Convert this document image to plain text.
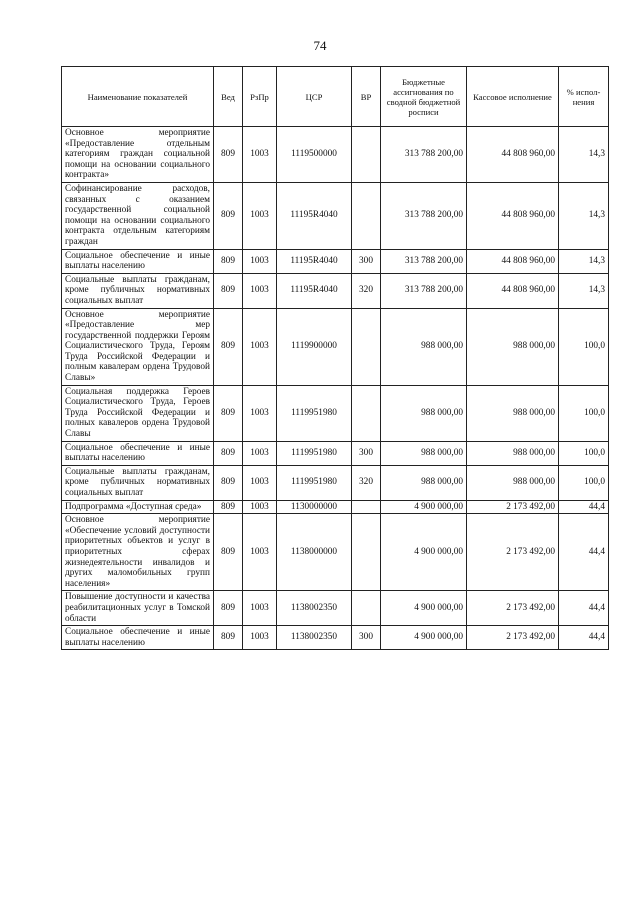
74
Наименование показателей	Вед	РзПр	ЦСР	ВР	Бюджетные ассигнования по сводной бюджетной росписи	Кассовое исполнение	% испол-нения
Основное мероприятие «Предоставление отдельным категориям граждан социальной помощи на основании социального контракта»	809	1003	1119500000		313 788 200,00	44 808 960,00	14,3
Софинансирование расходов, связанных с оказанием государственной социальной помощи на основании социального контракта отдельным категориям граждан	809	1003	11195R4040		313 788 200,00	44 808 960,00	14,3
Социальное обеспечение и иные выплаты населению	809	1003	11195R4040	300	313 788 200,00	44 808 960,00	14,3
Социальные выплаты гражданам, кроме публичных нормативных социальных выплат	809	1003	11195R4040	320	313 788 200,00	44 808 960,00	14,3
Основное мероприятие «Предоставление мер государственной поддержки Героям Социалистического Труда, Героям Труда Российской Федерации и полным кавалерам ордена Трудовой Славы»	809	1003	1119900000		988 000,00	988 000,00	100,0
Социальная поддержка Героев Социалистического Труда, Героев Труда Российской Федерации и полных кавалеров ордена Трудовой Славы	809	1003	1119951980		988 000,00	988 000,00	100,0
Социальное обеспечение и иные выплаты населению	809	1003	1119951980	300	988 000,00	988 000,00	100,0
Социальные выплаты гражданам, кроме публичных нормативных социальных выплат	809	1003	1119951980	320	988 000,00	988 000,00	100,0
Подпрограмма «Доступная среда»	809	1003	1130000000		4 900 000,00	2 173 492,00	44,4
Основное мероприятие «Обеспечение условий доступности приоритетных объектов и услуг в приоритетных сферах жизнедеятельности инвалидов и других маломобильных групп населения»	809	1003	1138000000		4 900 000,00	2 173 492,00	44,4
Повышение доступности и качества реабилитационных услуг в Томской области	809	1003	1138002350		4 900 000,00	2 173 492,00	44,4
Социальное обеспечение и иные выплаты населению	809	1003	1138002350	300	4 900 000,00	2 173 492,00	44,4
